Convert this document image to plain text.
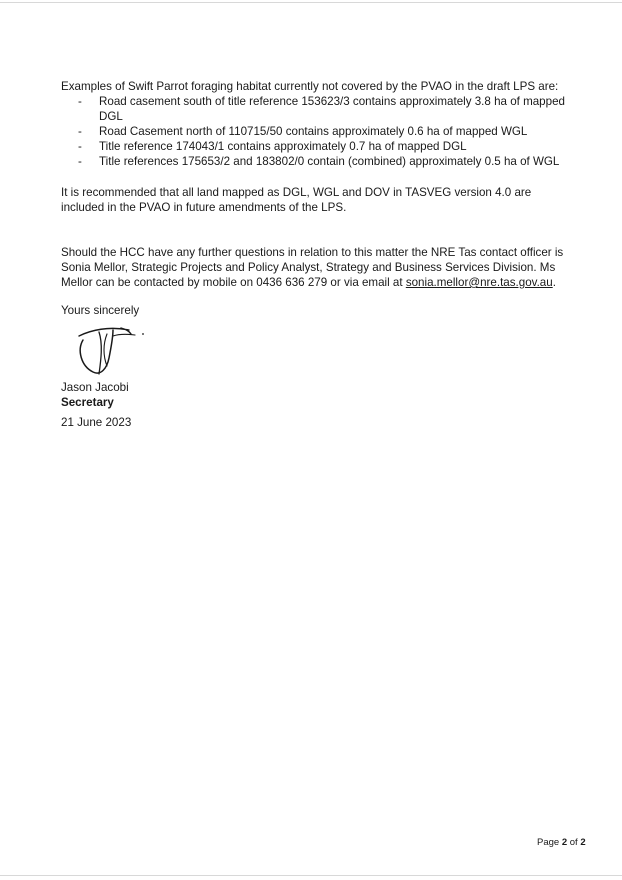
Examples of Swift Parrot foraging habitat currently not covered by the PVAO in the draft LPS are:

- Road casement south of title reference 153623/3 contains approximately 3.8 ha of mapped DGL
- Road Casement north of 110715/50 contains approximately 0.6 ha of mapped WGL
- Title reference 174043/1 contains approximately 0.7 ha of mapped DGL
- Title references 175653/2 and 183802/0 contain (combined) approximately 0.5 ha of WGL

It is recommended that all land mapped as DGL, WGL and DOV in TASVEG version 4.0 are included in the PVAO in future amendments of the LPS.

Should the HCC have any further questions in relation to this matter the NRE Tas contact officer is Sonia Mellor, Strategic Projects and Policy Analyst, Strategy and Business Services Division. Ms Mellor can be contacted by mobile on 0436 636 279 or via email at sonia.mellor@nre.tas.gov.au.

Yours sincerely

Jason Jacobi
Secretary
21 June 2023
Page 2 of 2
